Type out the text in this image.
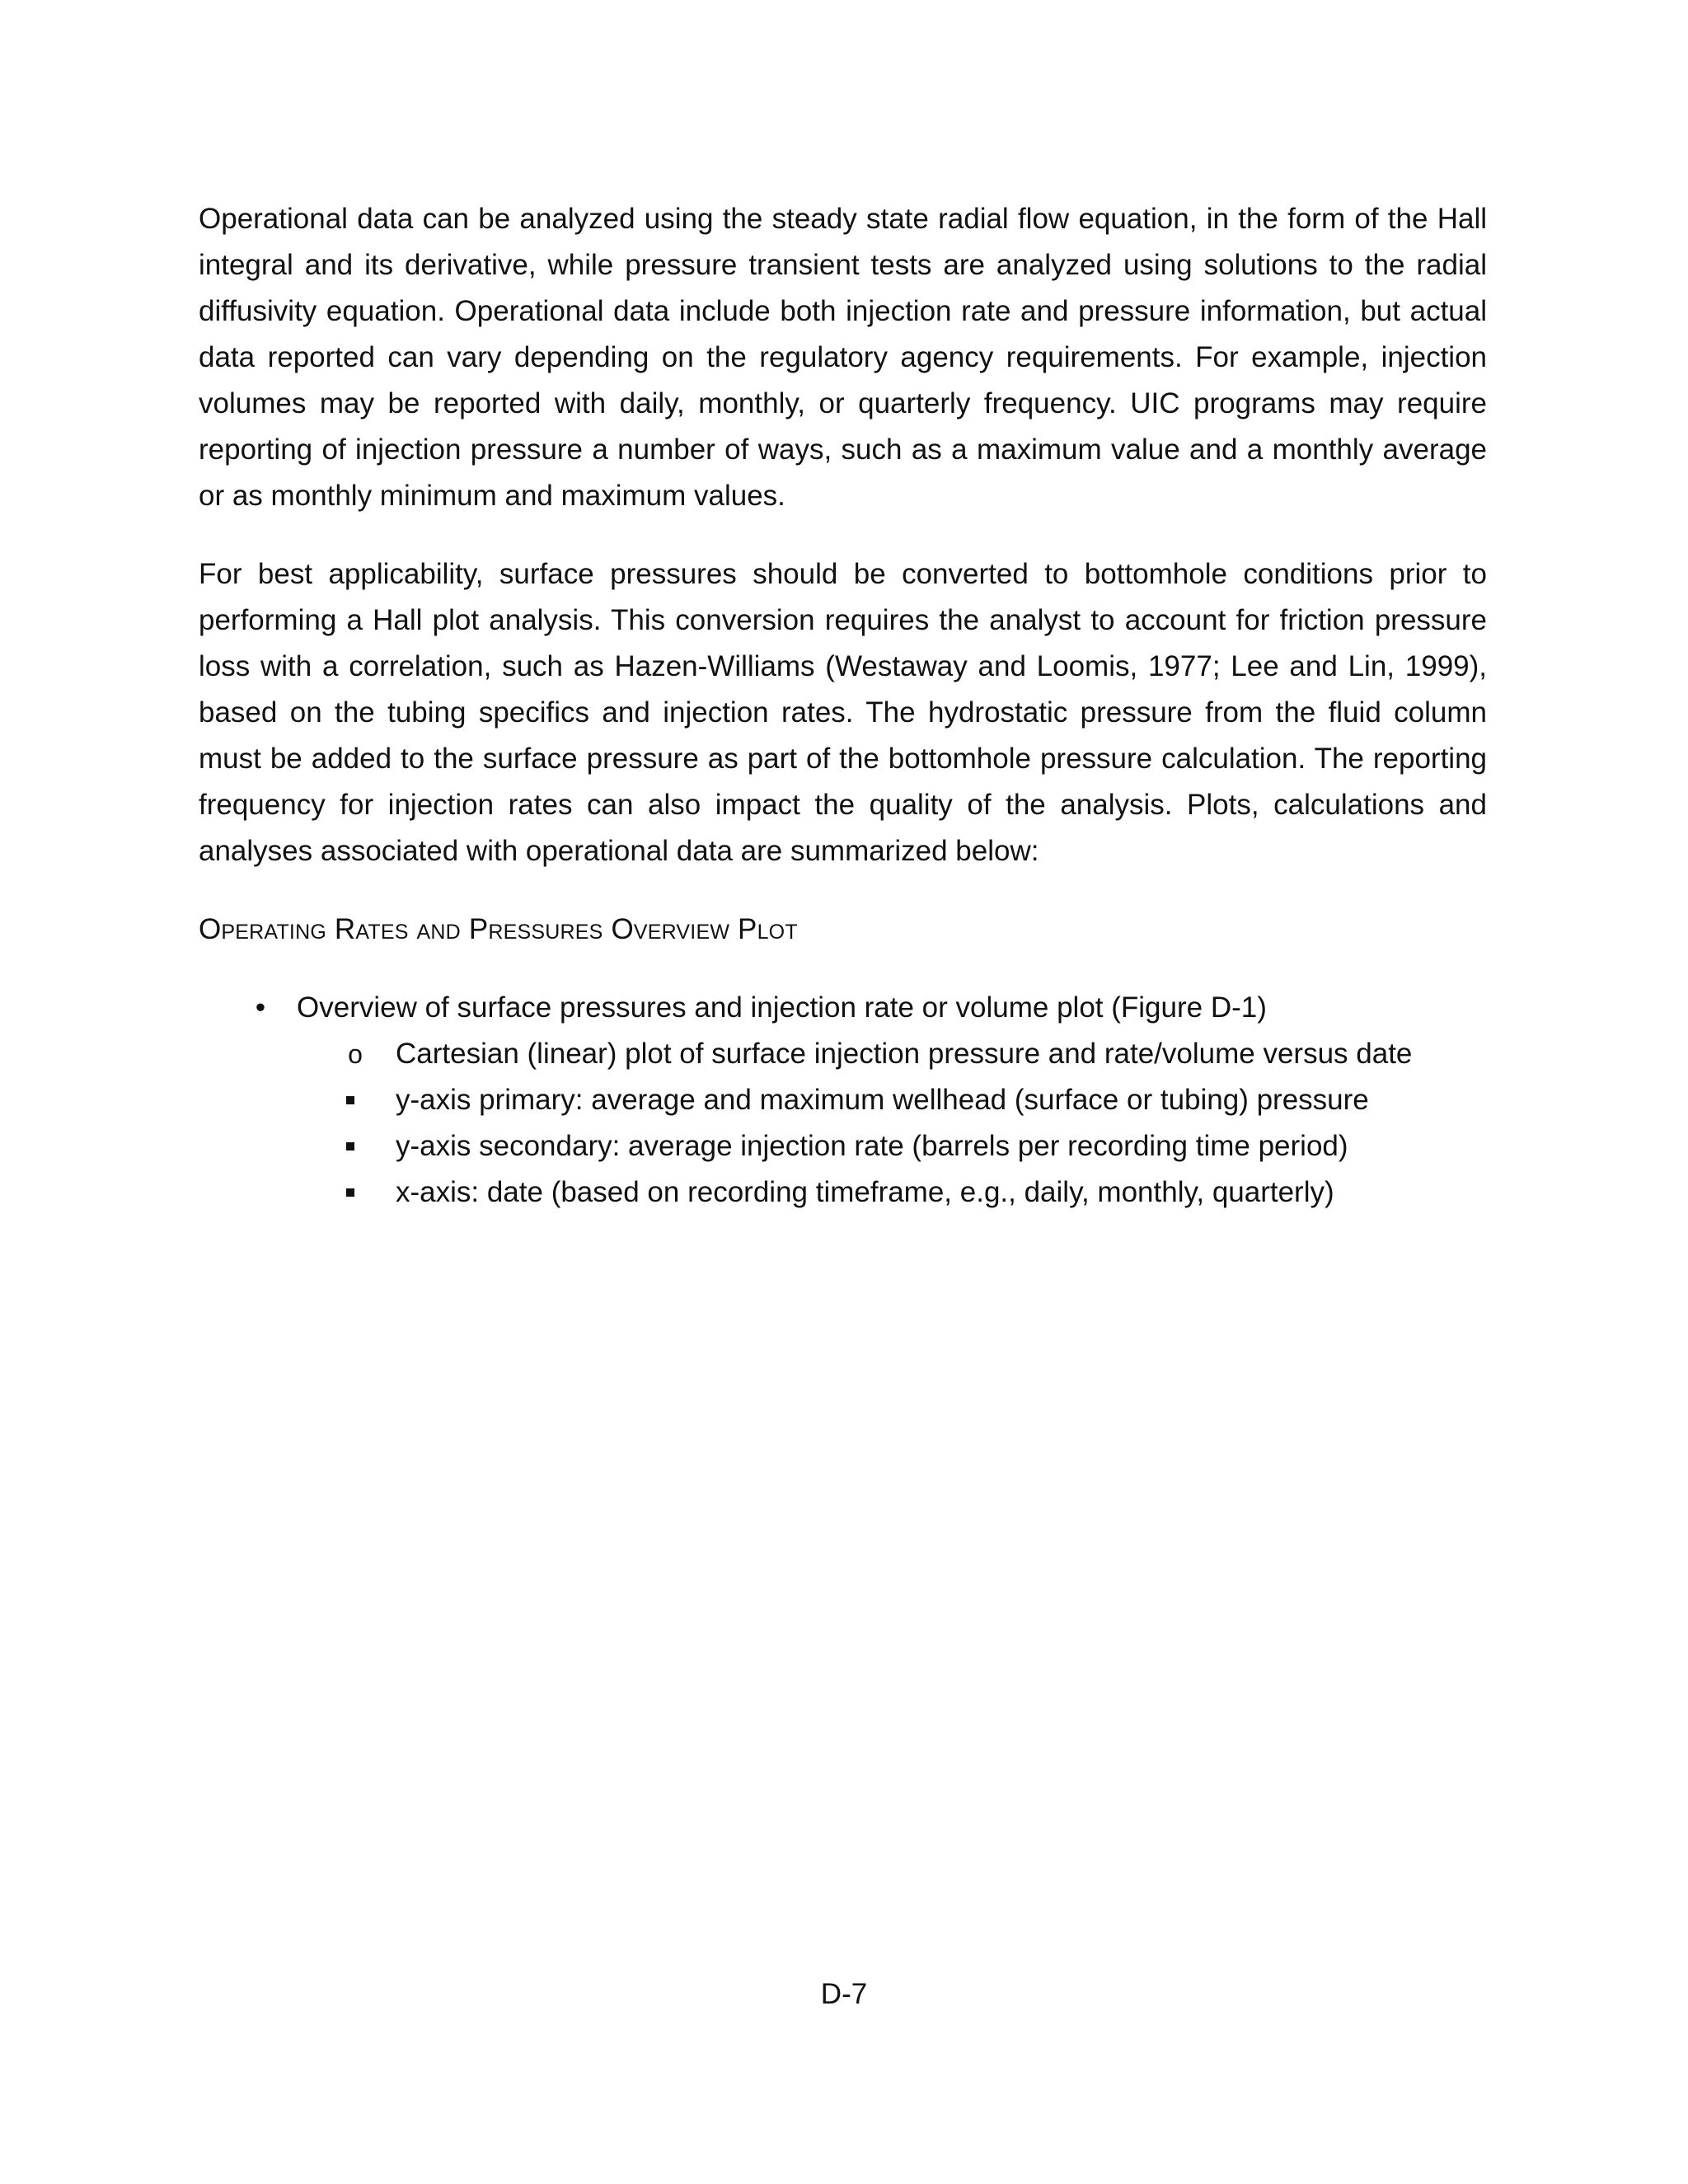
Operational data can be analyzed using the steady state radial flow equation, in the form of the Hall integral and its derivative, while pressure transient tests are analyzed using solutions to the radial diffusivity equation. Operational data include both injection rate and pressure information, but actual data reported can vary depending on the regulatory agency requirements. For example, injection volumes may be reported with daily, monthly, or quarterly frequency. UIC programs may require reporting of injection pressure a number of ways, such as a maximum value and a monthly average or as monthly minimum and maximum values.

For best applicability, surface pressures should be converted to bottomhole conditions prior to performing a Hall plot analysis. This conversion requires the analyst to account for friction pressure loss with a correlation, such as Hazen-Williams (Westaway and Loomis, 1977; Lee and Lin, 1999), based on the tubing specifics and injection rates. The hydrostatic pressure from the fluid column must be added to the surface pressure as part of the bottomhole pressure calculation. The reporting frequency for injection rates can also impact the quality of the analysis. Plots, calculations and analyses associated with operational data are summarized below:

Operating Rates and Pressures Overview Plot
• Overview of surface pressures and injection rate or volume plot (Figure D-1)
o	Cartesian (linear) plot of surface injection pressure and rate/volume versus date
y-axis primary: average and maximum wellhead (surface or tubing) pressure
y-axis secondary: average injection rate (barrels per recording time period)
x-axis: date (based on recording timeframe, e.g., daily, monthly, quarterly)
D-7
